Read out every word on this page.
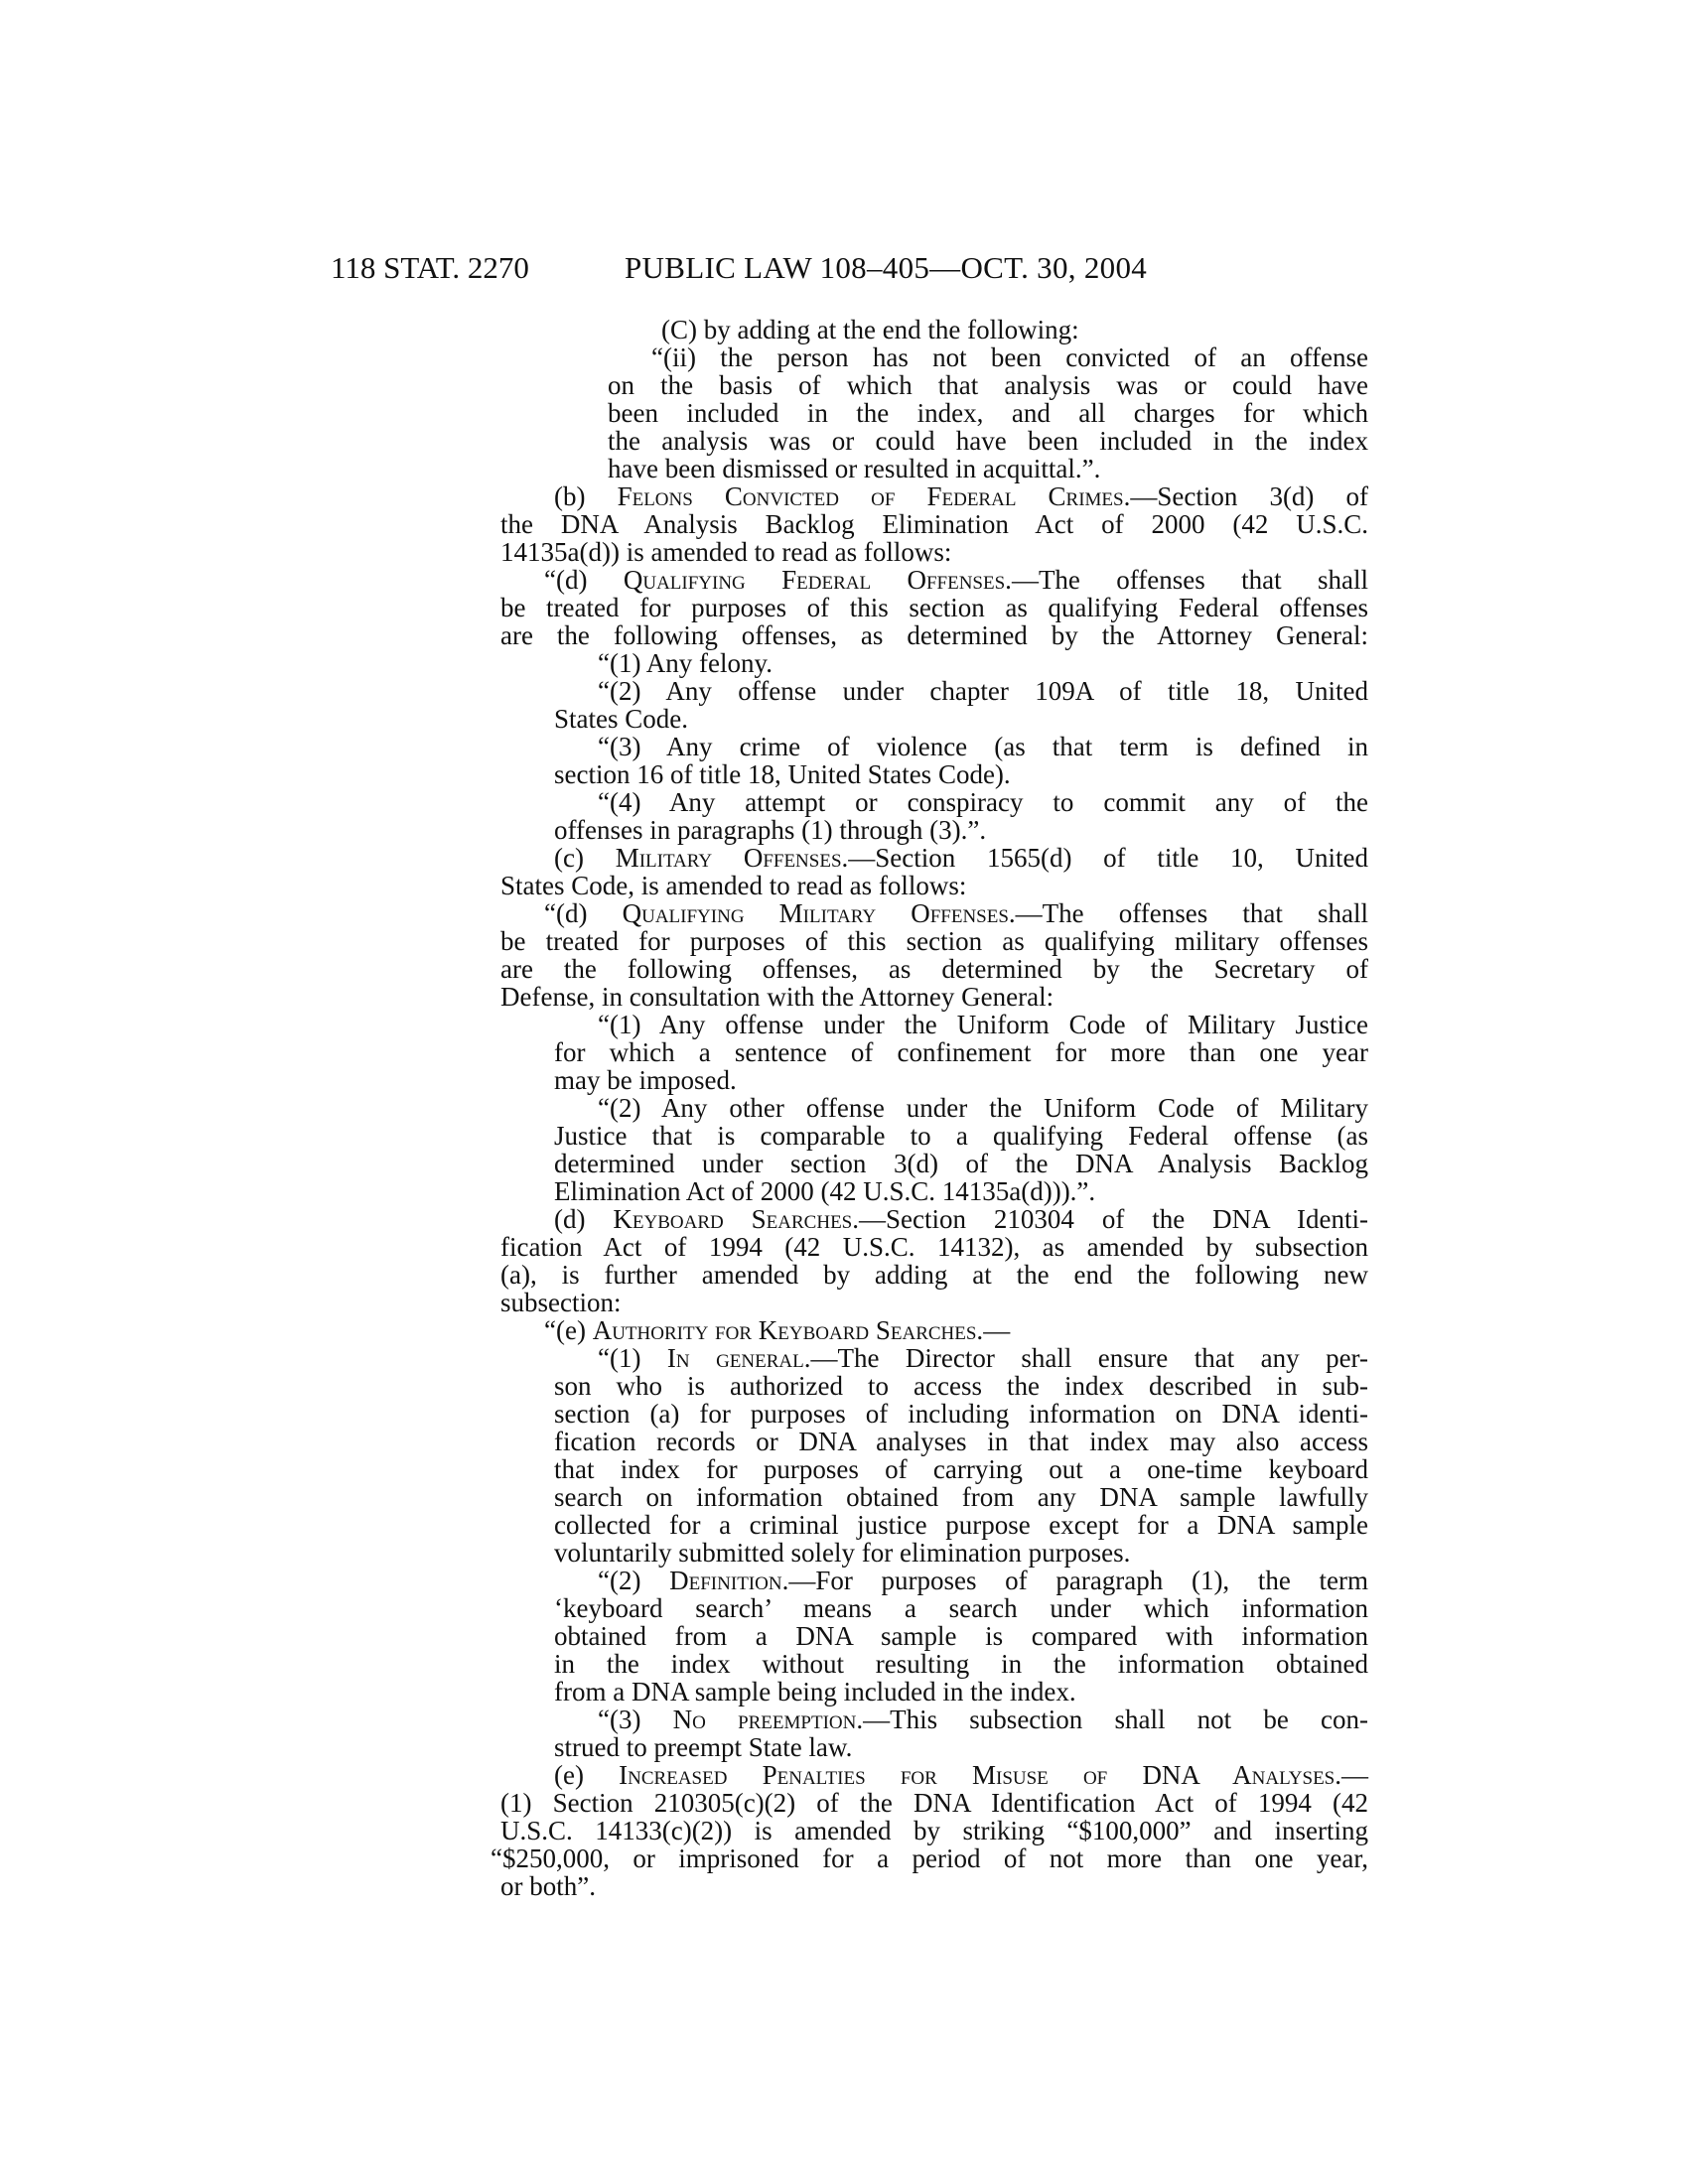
118 STAT. 2270	PUBLIC LAW 108–405—OCT. 30, 2004
(C) by adding at the end the following:
“(ii) the person has not been convicted of an offense
on the basis of which that analysis was or could have
been included in the index, and all charges for which
the analysis was or could have been included in the index
have been dismissed or resulted in acquittal.”.
(b) Felons Convicted of Federal Crimes.—Section 3(d) of
the DNA Analysis Backlog Elimination Act of 2000 (42 U.S.C.
14135a(d)) is amended to read as follows:
“(d) Qualifying Federal Offenses.—The offenses that shall
be treated for purposes of this section as qualifying Federal offenses
are the following offenses, as determined by the Attorney General:
“(1) Any felony.
“(2) Any offense under chapter 109A of title 18, United
States Code.
“(3) Any crime of violence (as that term is defined in
section 16 of title 18, United States Code).
“(4) Any attempt or conspiracy to commit any of the
offenses in paragraphs (1) through (3).”.
(c) Military Offenses.—Section 1565(d) of title 10, United
States Code, is amended to read as follows:
“(d) Qualifying Military Offenses.—The offenses that shall
be treated for purposes of this section as qualifying military offenses
are the following offenses, as determined by the Secretary of
Defense, in consultation with the Attorney General:
“(1) Any offense under the Uniform Code of Military Justice
for which a sentence of confinement for more than one year
may be imposed.
“(2) Any other offense under the Uniform Code of Military
Justice that is comparable to a qualifying Federal offense (as
determined under section 3(d) of the DNA Analysis Backlog
Elimination Act of 2000 (42 U.S.C. 14135a(d))).”.
(d) Keyboard Searches.—Section 210304 of the DNA Identi-
fication Act of 1994 (42 U.S.C. 14132), as amended by subsection
(a), is further amended by adding at the end the following new
subsection:
“(e) Authority for Keyboard Searches.—
“(1) In general.—The Director shall ensure that any per-
son who is authorized to access the index described in sub-
section (a) for purposes of including information on DNA identi-
fication records or DNA analyses in that index may also access
that index for purposes of carrying out a one-time keyboard
search on information obtained from any DNA sample lawfully
collected for a criminal justice purpose except for a DNA sample
voluntarily submitted solely for elimination purposes.
“(2) Definition.—For purposes of paragraph (1), the term
‘keyboard search’ means a search under which information
obtained from a DNA sample is compared with information
in the index without resulting in the information obtained
from a DNA sample being included in the index.
“(3) No preemption.—This subsection shall not be con-
strued to preempt State law.
(e) Increased Penalties for Misuse of DNA Analyses.—
(1) Section 210305(c)(2) of the DNA Identification Act of 1994 (42
U.S.C. 14133(c)(2)) is amended by striking “$100,000” and inserting
“$250,000, or imprisoned for a period of not more than one year,
or both”.
